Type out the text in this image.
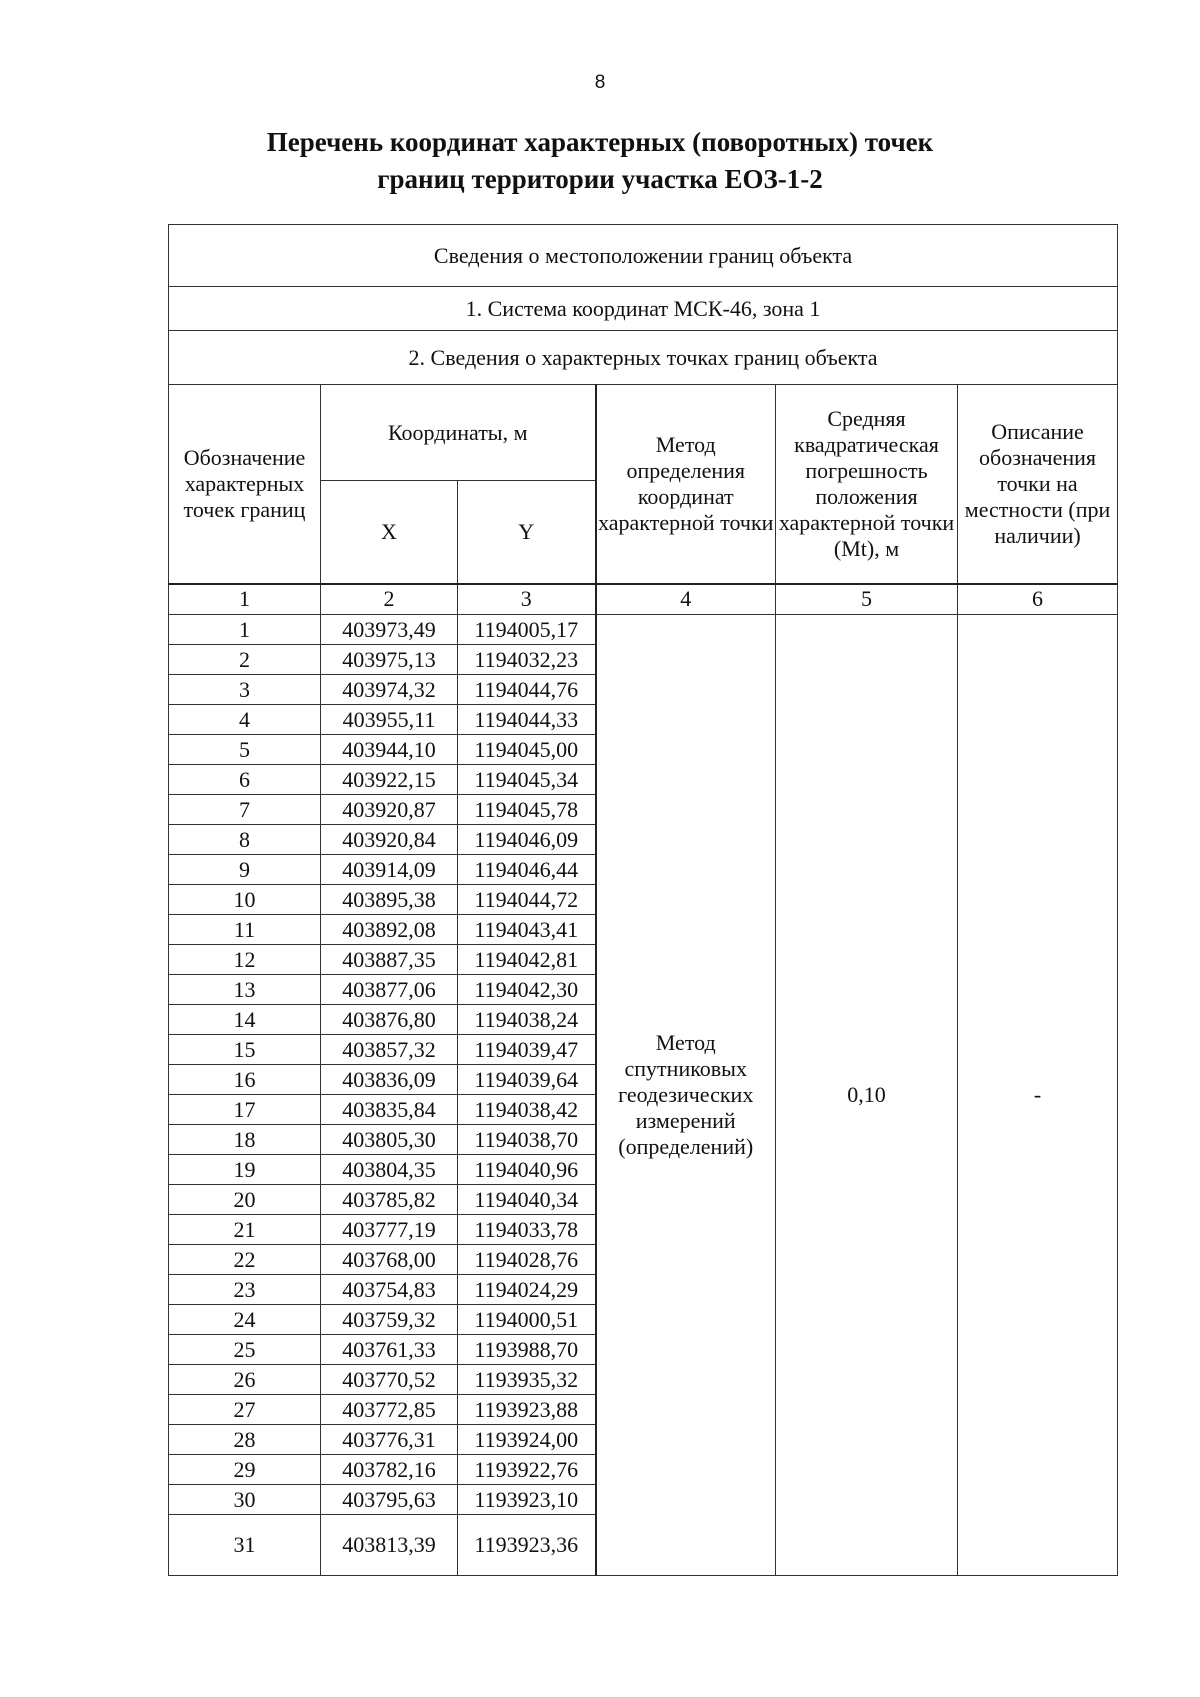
8
Перечень координат характерных (поворотных) точек
границ территории участка ЕОЗ-1-2
Сведения о местоположении границ объекта					
1. Система координат МСК-46, зона 1					
2. Сведения о характерных точках границ объекта					
Обозначение характерных точек границ	Координаты, м		Метод определения координат характерной точки	Средняя квадратическая погрешность положения характерной точки (Mt), м	Описание обозначения точки на местности (при наличии)
	X	Y			
1	2	3	4	5	6
1	403973,49	1194005,17	Метод спутниковых геодезических измерений (определений)	0,10	-
2	403975,13	1194032,23			
3	403974,32	1194044,76			
4	403955,11	1194044,33			
5	403944,10	1194045,00			
6	403922,15	1194045,34			
7	403920,87	1194045,78			
8	403920,84	1194046,09			
9	403914,09	1194046,44			
10	403895,38	1194044,72			
11	403892,08	1194043,41			
12	403887,35	1194042,81			
13	403877,06	1194042,30			
14	403876,80	1194038,24			
15	403857,32	1194039,47			
16	403836,09	1194039,64			
17	403835,84	1194038,42			
18	403805,30	1194038,70			
19	403804,35	1194040,96			
20	403785,82	1194040,34			
21	403777,19	1194033,78			
22	403768,00	1194028,76			
23	403754,83	1194024,29			
24	403759,32	1194000,51			
25	403761,33	1193988,70			
26	403770,52	1193935,32			
27	403772,85	1193923,88			
28	403776,31	1193924,00			
29	403782,16	1193922,76			
30	403795,63	1193923,10			
31	403813,39	1193923,36			
